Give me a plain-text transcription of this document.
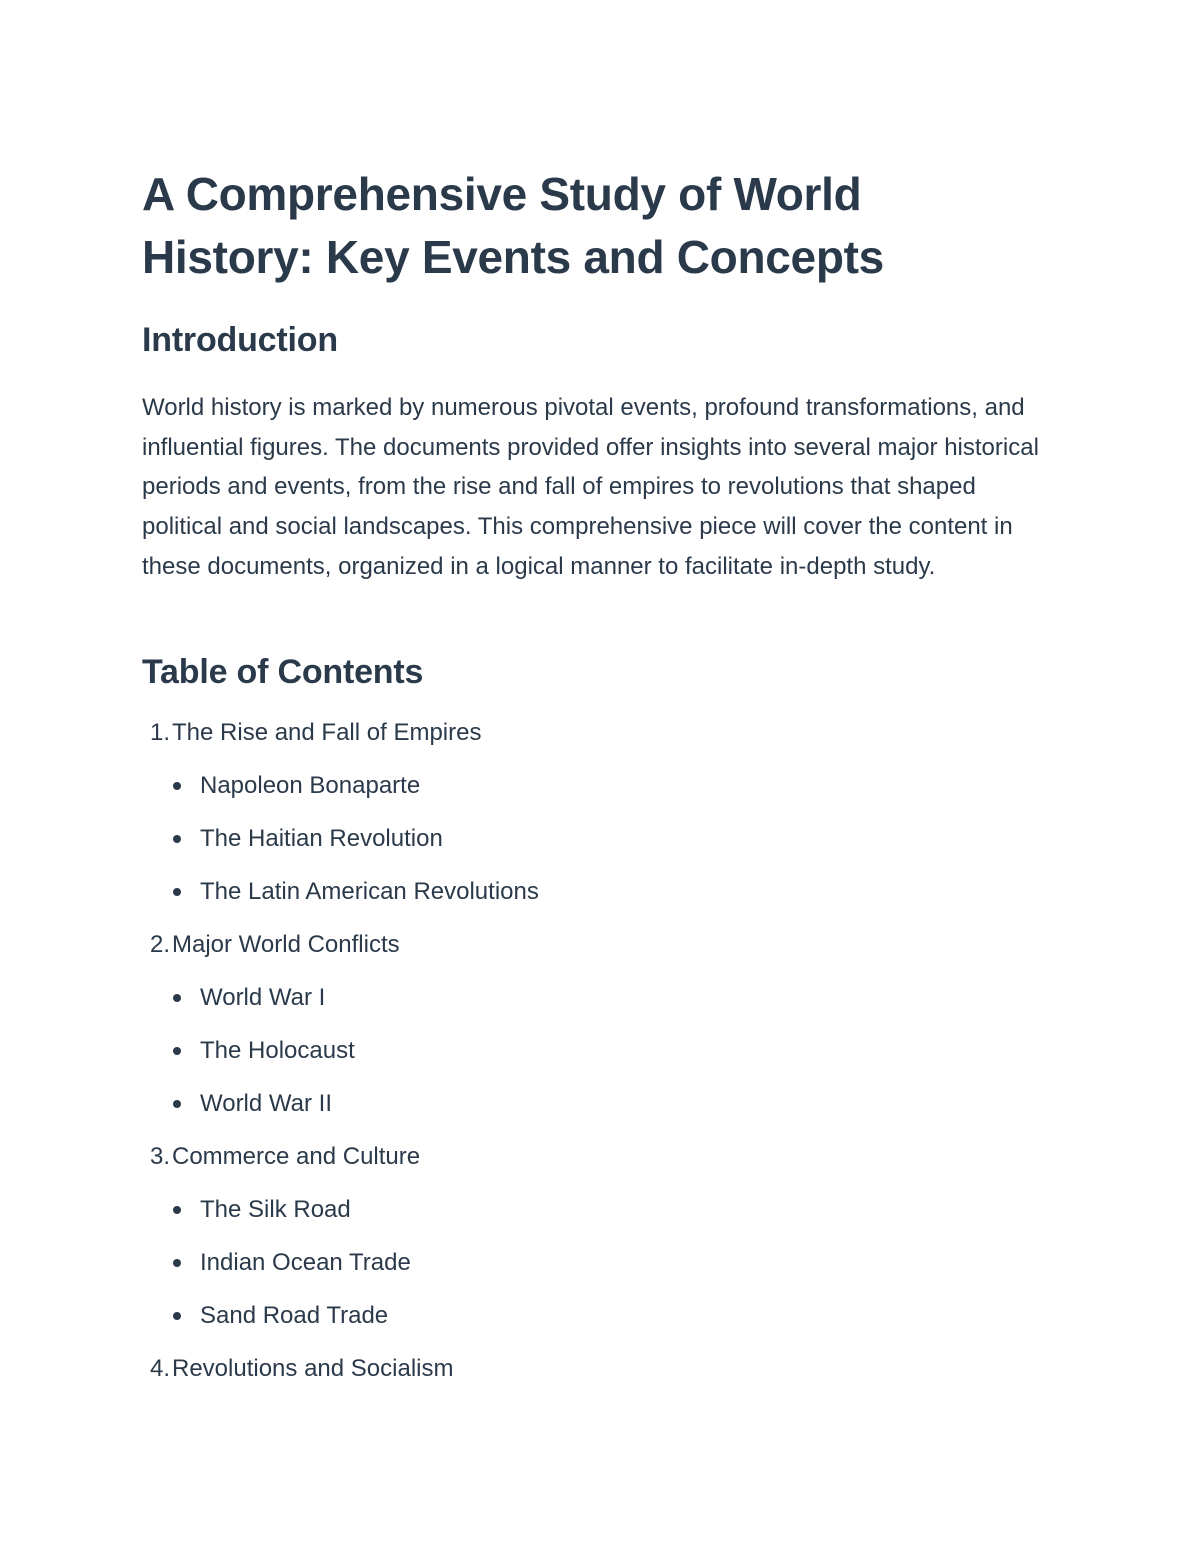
A Comprehensive Study of World History: Key Events and Concepts
Introduction

World history is marked by numerous pivotal events, profound transformations, and influential figures. The documents provided offer insights into several major historical periods and events, from the rise and fall of empires to revolutions that shaped political and social landscapes. This comprehensive piece will cover the content in these documents, organized in a logical manner to facilitate in-depth study.

Table of Contents
1.The Rise and Fall of Empires
Napoleon Bonaparte
The Haitian Revolution
The Latin American Revolutions
2.Major World Conflicts
World War I
The Holocaust
World War II
3.Commerce and Culture
The Silk Road
Indian Ocean Trade
Sand Road Trade
4.Revolutions and Socialism
